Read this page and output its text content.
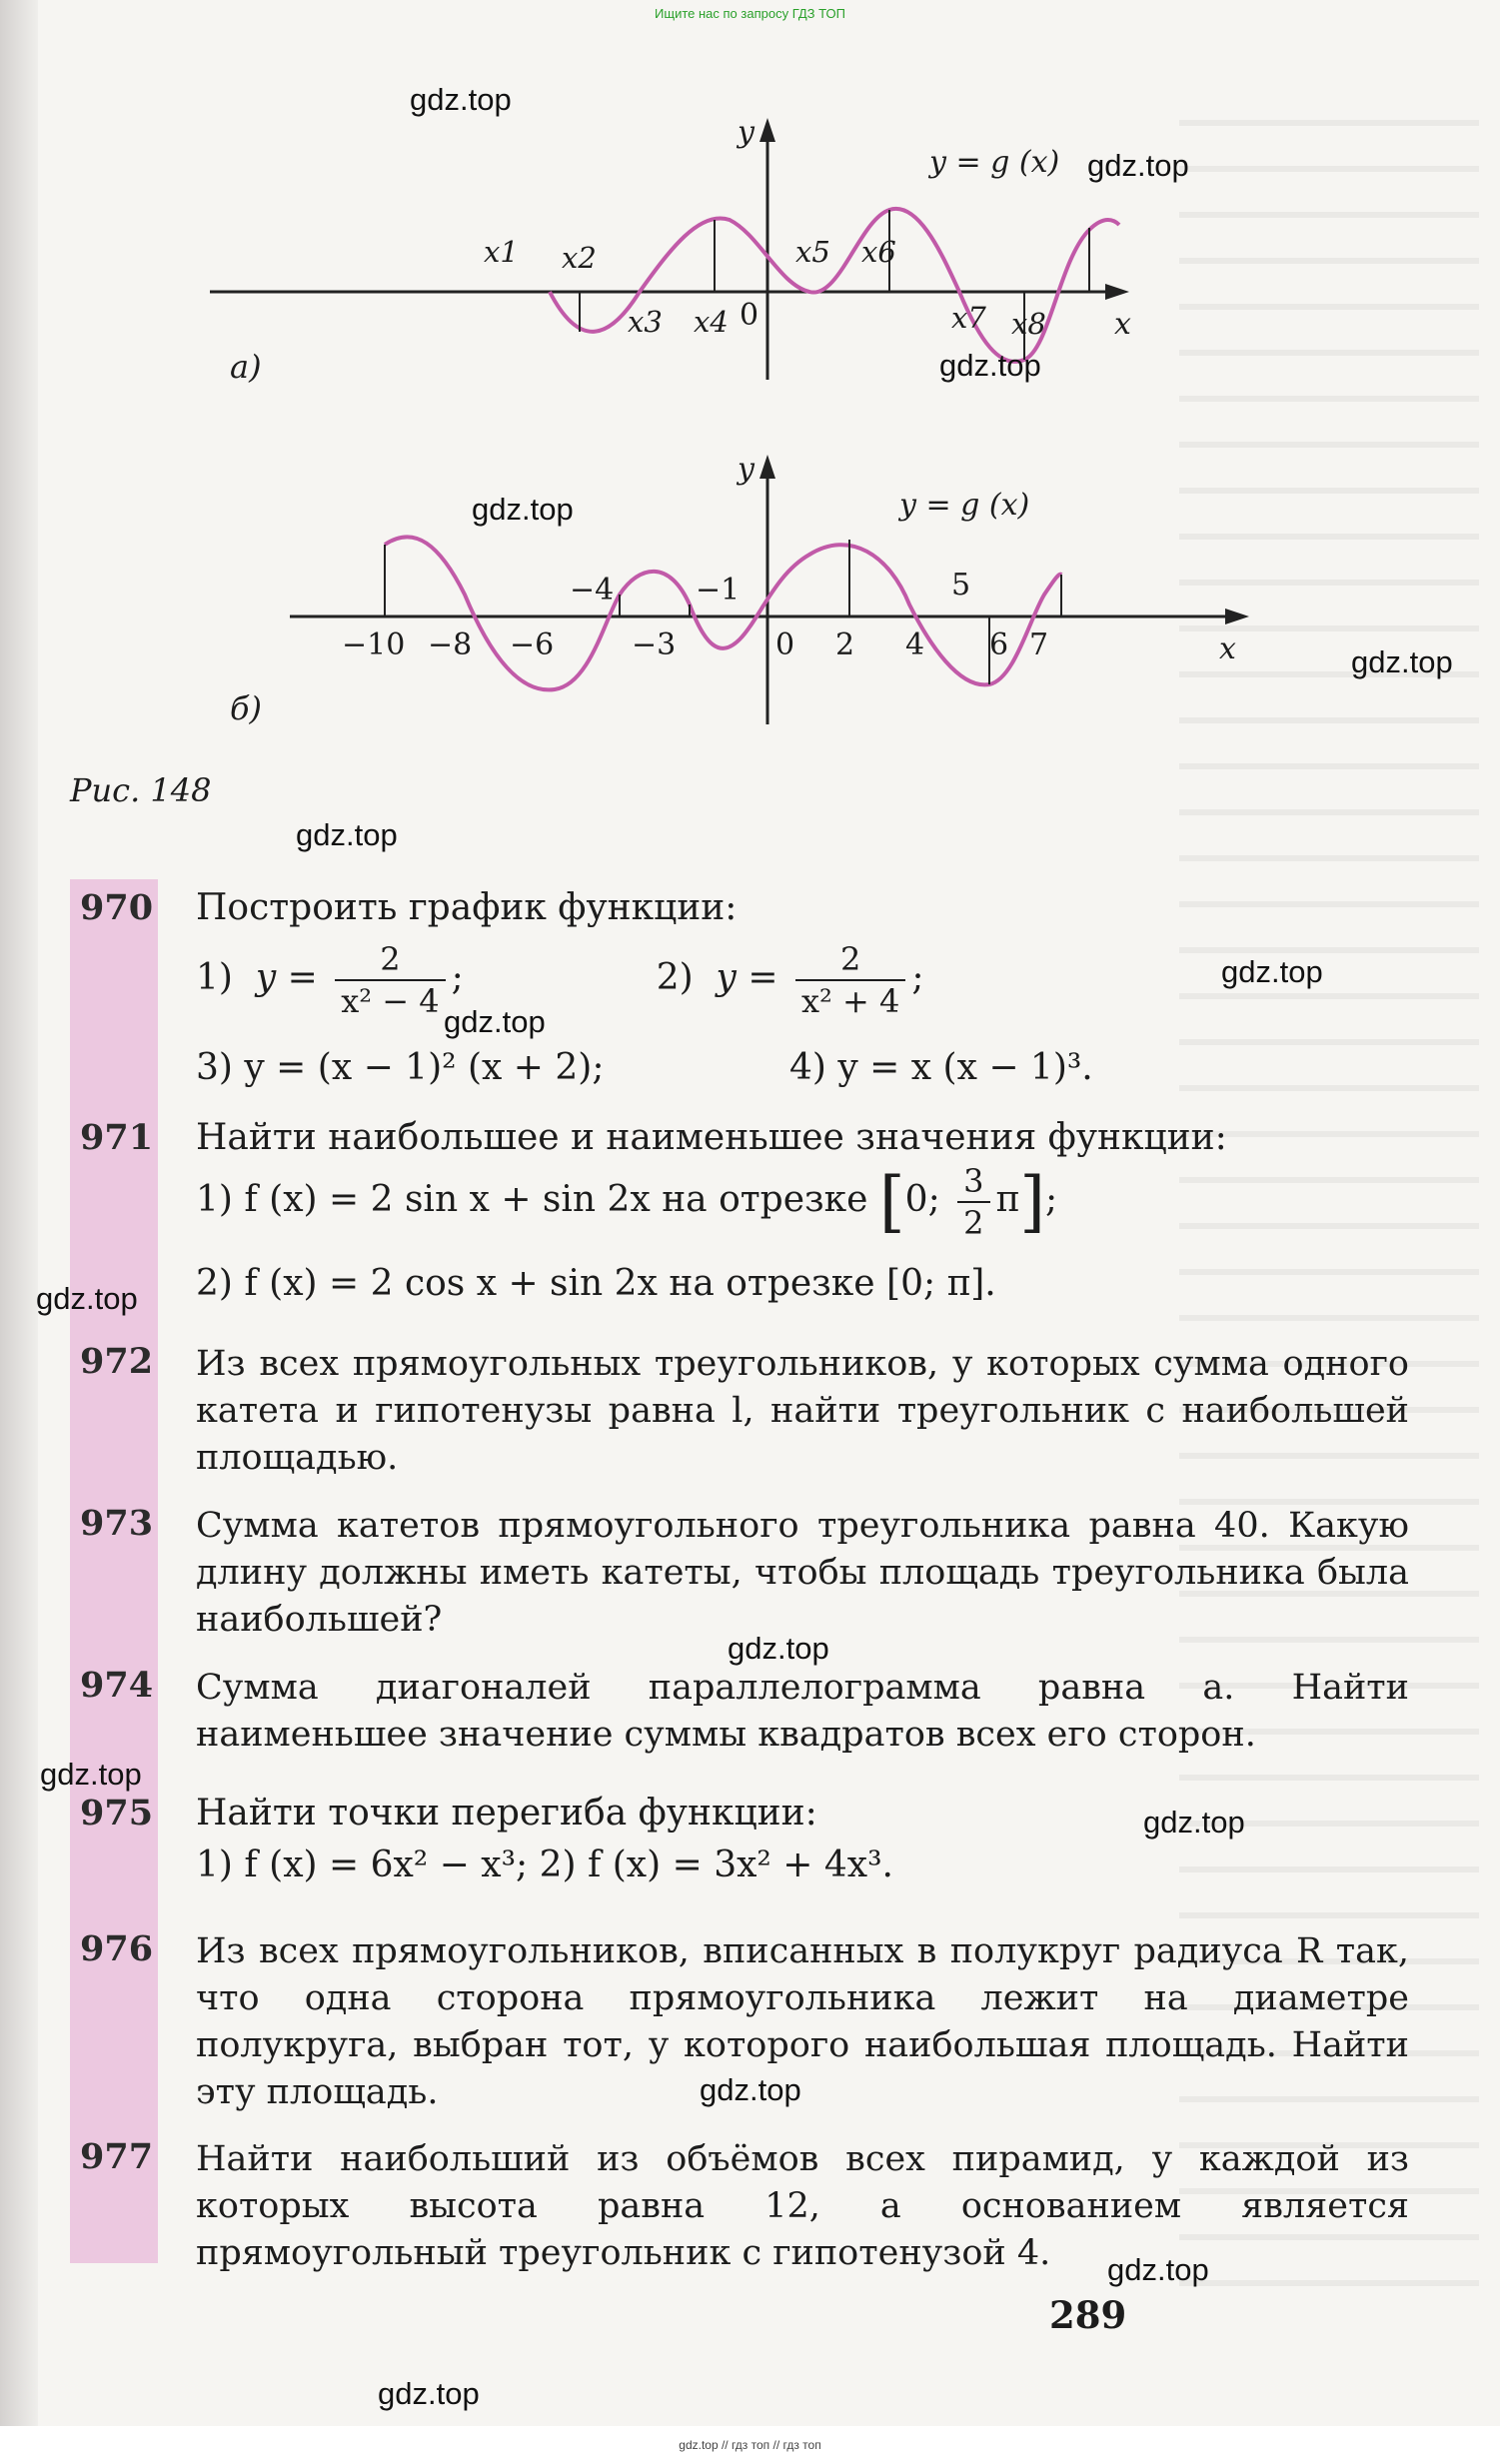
y
x
0
y = g (x)
x1 x2
x3 x4
x5 x6
x7 x8
а)
y
x
y = g (x)
−10 −8 −6	−3	0 2 4 6 7
−4	−1	5
б)
Рис. 148
970 Построить график функции:
1) $y = \frac{2}{\text{x² − 4}}$ ;	2) $y = \frac{2}{\text{x² + 4}}$ ;
3) y = (x − 1)² (x + 2);	4) y = x (x − 1)³.
971 Найти наибольшее и наименьшее значения функции:
1) f (x) = 2 sin x + sin 2x на отрезке [0; $\frac{3}{2} \pi$];
2) f (x) = 2 cos x + sin 2x на отрезке [0; π].
972 Из всех прямоугольных треугольников, у которых сумма одного катета и гипотенузы равна l, найти треугольник с наибольшей площадью.
973 Сумма катетов прямоугольного треугольника равна 40. Какую длину должны иметь катеты, чтобы площадь треугольника была наибольшей?
974 Сумма диагоналей параллелограмма равна a. Найти наименьшее значение суммы квадратов всех его сторон.
975 Найти точки перегиба функции:
1) f (x) = 6x² − x³; 2) f (x) = 3x² + 4x³.
976 Из всех прямоугольников, вписанных в полукруг радиуса R так, что одна сторона прямоугольника лежит на диаметре полукруга, выбран тот, у которого наибольшая площадь. Найти эту площадь.
977 Найти наибольший из объёмов всех пирамид, у каждой из которых высота равна 12, а основанием является прямоугольный треугольник с гипотенузой 4.
289
gdz.top
gdz.top
gdz.top
gdz.top
gdz.top
gdz.top
gdz.top
gdz.top
gdz.top
gdz.top
gdz.top
gdz.top
gdz.top
gdz.top
gdz.top
Ищите нас по запросу ГДЗ ТОП
gdz.top // гдз топ // гдз топ
